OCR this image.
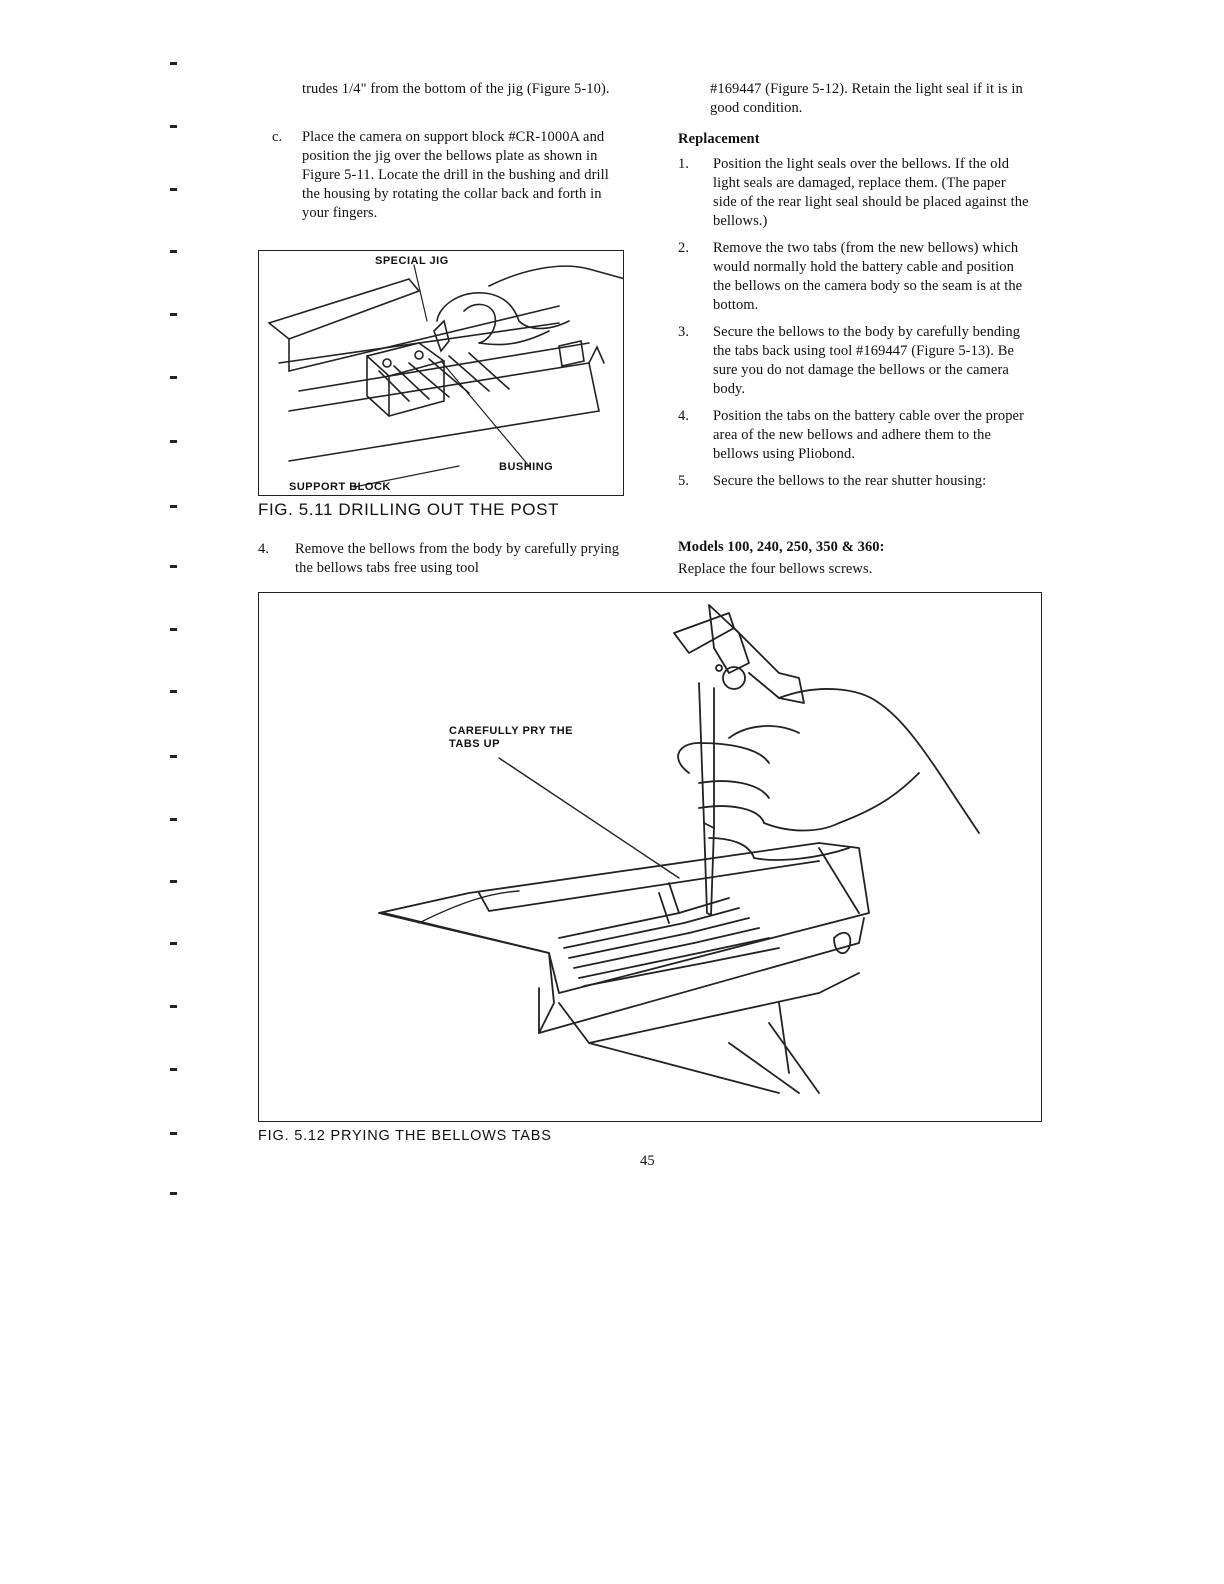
trudes 1/4" from the bottom of the jig (Figure 5-10).
c.	Place the camera on support block #CR-1000A and position the jig over the bellows plate as shown in Figure 5-11. Locate the drill in the bushing and drill the housing by rotating the collar back and forth in your fingers.
SPECIAL JIG
BUSHING
SUPPORT BLOCK
FIG. 5.11 DRILLING OUT THE POST
4.	Remove the bellows from the body by carefully prying the bellows tabs free using tool
#169447 (Figure 5-12). Retain the light seal if it is in good condition.
Replacement
1. Position the light seals over the bellows. If the old light seals are damaged, replace them. (The paper side of the rear light seal should be placed against the bellows.)
2. Remove the two tabs (from the new bellows) which would normally hold the battery cable and position the bellows on the camera body so the seam is at the bottom.
3. Secure the bellows to the body by carefully bending the tabs back using tool #169447 (Figure 5-13). Be sure you do not damage the bellows or the camera body.
4. Position the tabs on the battery cable over the proper area of the new bellows and adhere them to the bellows using Pliobond.
5. Secure the bellows to the rear shutter housing:
Models 100, 240, 250, 350 & 360:
Replace the four bellows screws.
CAREFULLY PRY THE TABS UP
FIG. 5.12 PRYING THE BELLOWS TABS
45
